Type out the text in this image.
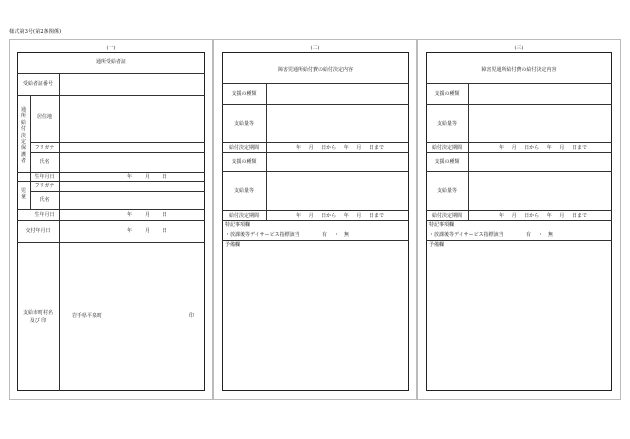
様式第3号(第2条関係)
(一)
通所受給者証
受給者証番号
通
所
給
付
決
定
保
護
者
居住地
フリガナ
氏名
生年月日	年	月 日
児
童
フリガナ
氏名
生年月日	年	月 日
交付年月日	年	月 日
支給市町村名
及び 印
岩手県平泉町	印
(二)
障害児通所給付費の給付決定内容
支援の種類
支給量等
給付決定期間	年 月 日から 年 月 日まで
支援の種類
支給量等
給付決定期間	年 月 日から 年 月 日まで
特記事項欄
・放課後等デイサービス指標該当	有 ・ 無
予備欄
(三)
障害児通所給付費の給付決定内容
支援の種類
支給量等
給付決定期間	年 月 日から 年 月 日まで
支援の種類
支給量等
給付決定期間	年 月 日から 年 月 日まで
特記事項欄
・放課後等デイサービス指標該当	有 ・ 無
予備欄
